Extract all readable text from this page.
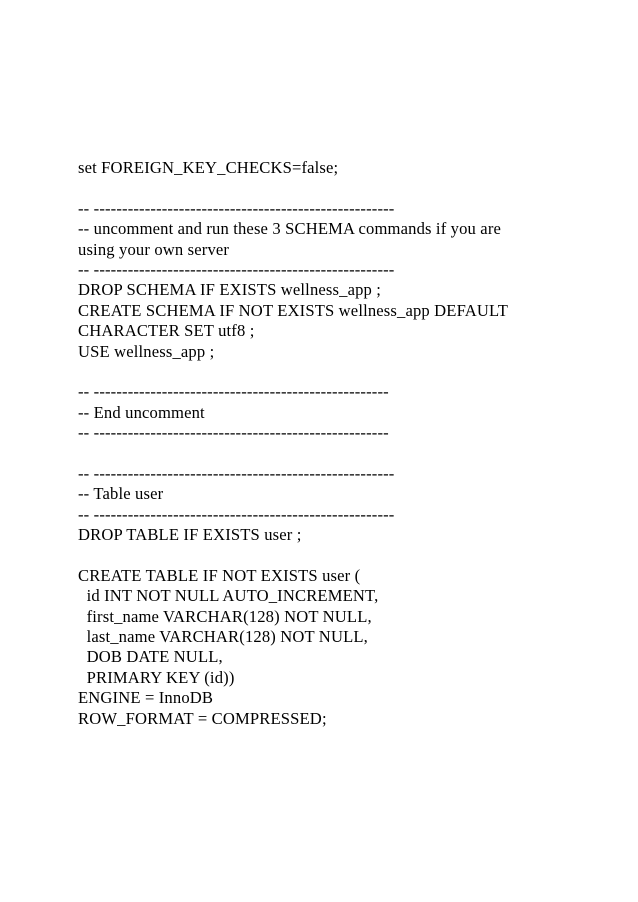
set FOREIGN_KEY_CHECKS=false;
-- -----------------------------------------------------
-- uncomment and run these 3 SCHEMA commands if you are
using your own server
-- -----------------------------------------------------
DROP SCHEMA IF EXISTS wellness_app ;
CREATE SCHEMA IF NOT EXISTS wellness_app DEFAULT
CHARACTER SET utf8 ;
USE wellness_app ;
-- ----------------------------------------------------
-- End uncomment
-- ----------------------------------------------------
-- -----------------------------------------------------
-- Table user
-- -----------------------------------------------------
DROP TABLE IF EXISTS user ;
CREATE TABLE IF NOT EXISTS user (
id INT NOT NULL AUTO_INCREMENT,
first_name VARCHAR(128) NOT NULL,
last_name VARCHAR(128) NOT NULL,
DOB DATE NULL,
PRIMARY KEY (id))
ENGINE = InnoDB
ROW_FORMAT = COMPRESSED;
